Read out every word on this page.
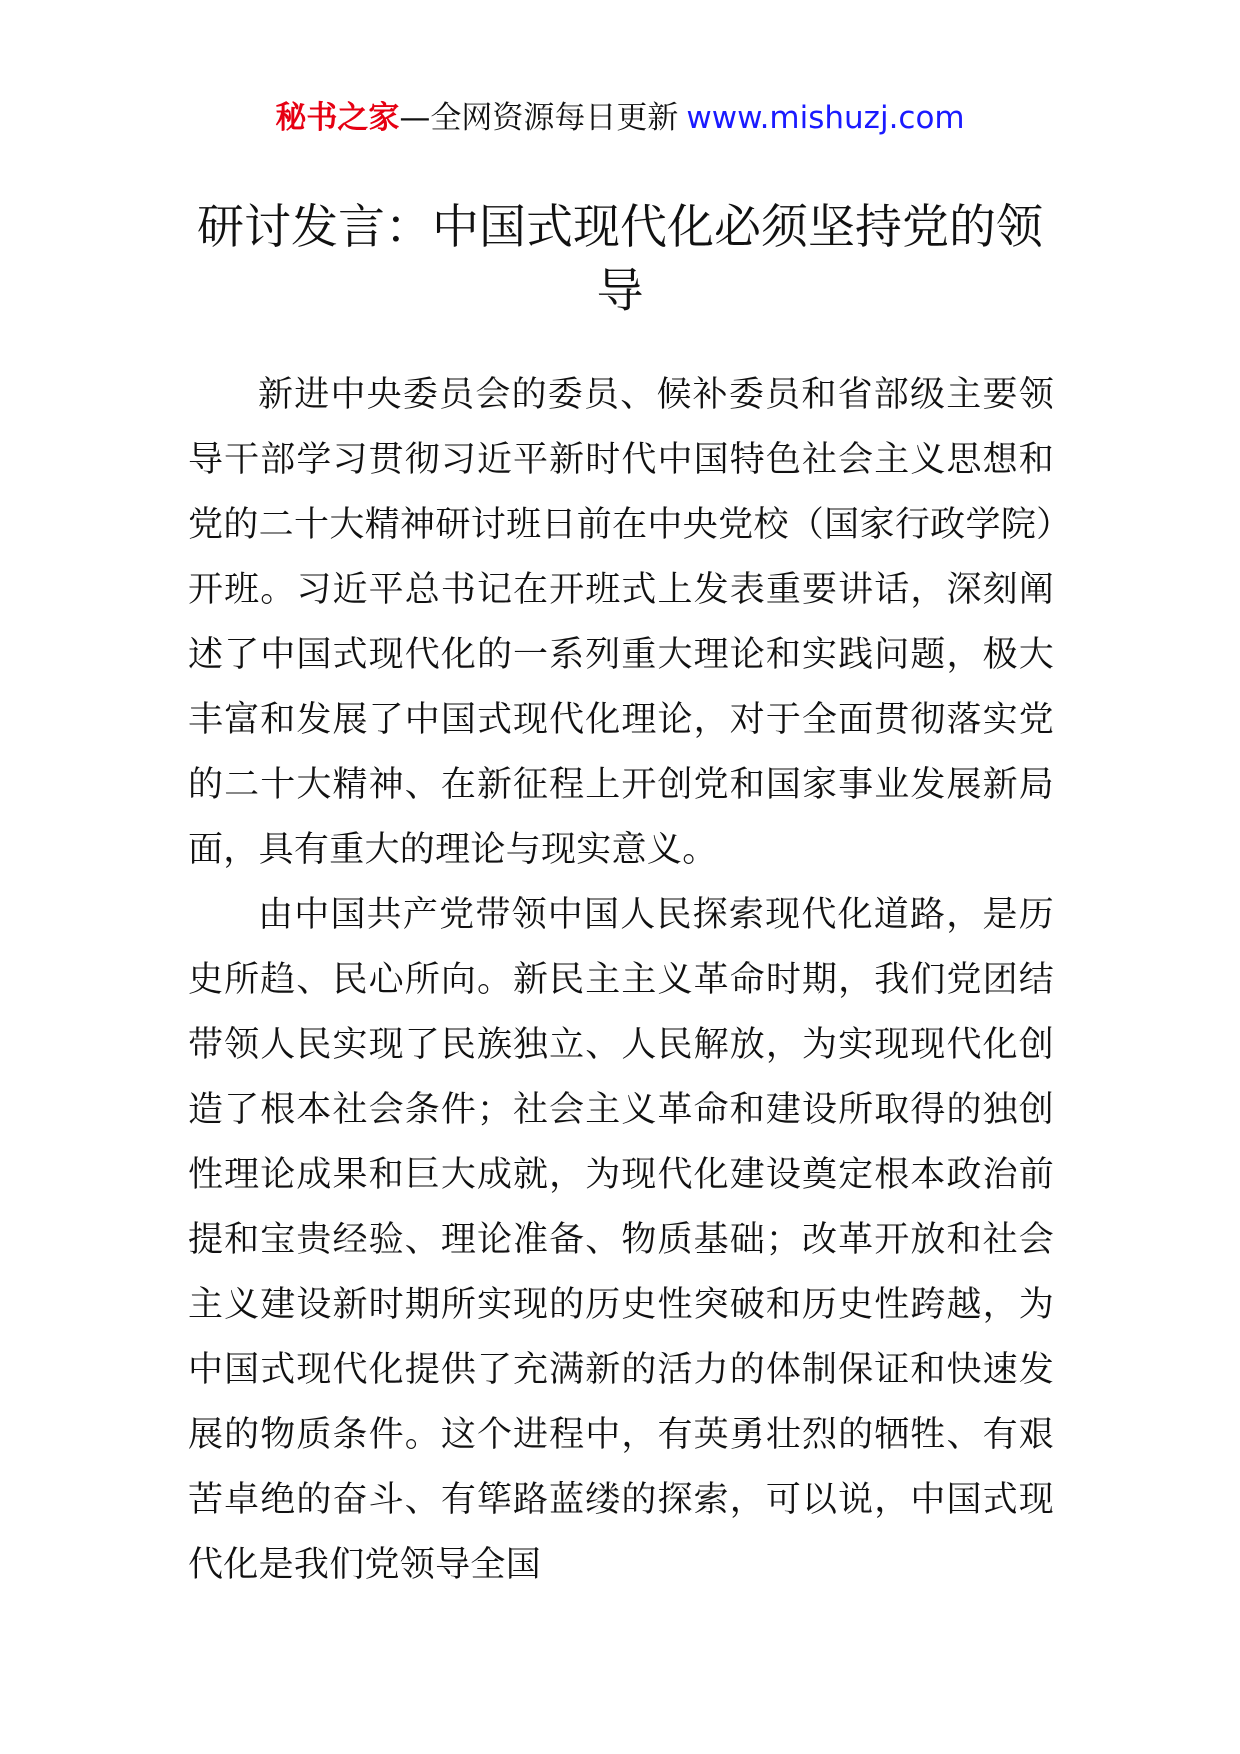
秘书之家—全网资源每日更新 www.mishuzj.com
研讨发言：中国式现代化必须坚持党的领导

新进中央委员会的委员、候补委员和省部级主要领导干部学习贯彻习近平新时代中国特色社会主义思想和党的二十大精神研讨班日前在中央党校（国家行政学院）开班。习近平总书记在开班式上发表重要讲话，深刻阐述了中国式现代化的一系列重大理论和实践问题，极大丰富和发展了中国式现代化理论，对于全面贯彻落实党的二十大精神、在新征程上开创党和国家事业发展新局面，具有重大的理论与现实意义。

由中国共产党带领中国人民探索现代化道路，是历史所趋、民心所向。新民主主义革命时期，我们党团结带领人民实现了民族独立、人民解放，为实现现代化创造了根本社会条件；社会主义革命和建设所取得的独创性理论成果和巨大成就，为现代化建设奠定根本政治前提和宝贵经验、理论准备、物质基础；改革开放和社会主义建设新时期所实现的历史性突破和历史性跨越，为中国式现代化提供了充满新的活力的体制保证和快速发展的物质条件。这个进程中，有英勇壮烈的牺牲、有艰苦卓绝的奋斗、有筚路蓝缕的探索，可以说，中国式现代化是我们党领导全国
